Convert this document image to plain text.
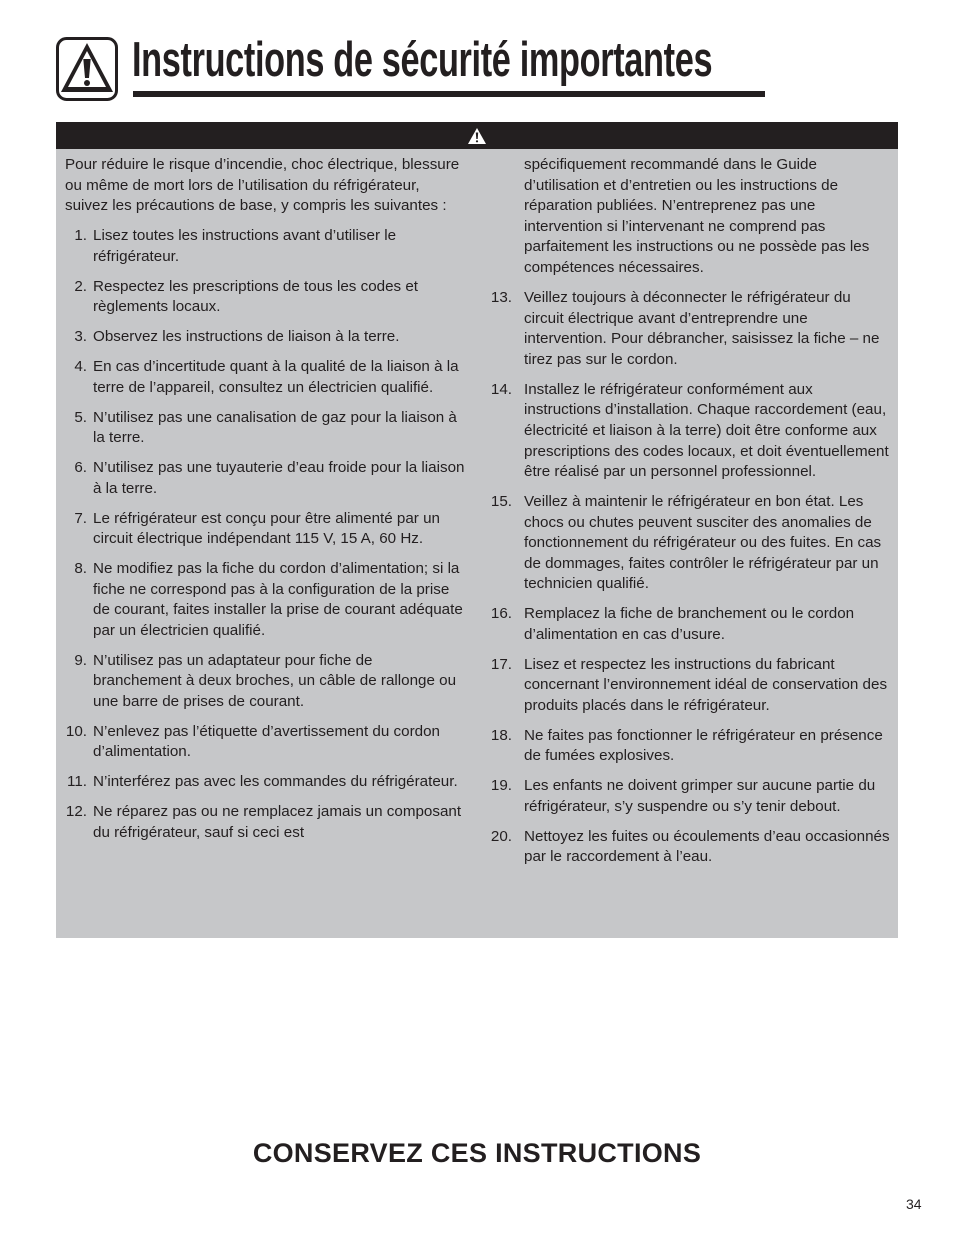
Instructions de sécurité importantes

Pour réduire le risque d’incendie, choc électrique, blessure ou même de mort lors de l’utilisation du réfrigérateur, suivez les précautions de base, y compris les suivantes :

1. Lisez toutes les instructions avant d’utiliser le réfrigérateur.
2. Respectez les prescriptions de tous les codes et règlements locaux.
3. Observez les instructions de liaison à la terre.
4. En cas d’incertitude quant à la qualité de la liaison à la terre de l’appareil, consultez un électricien qualifié.
5. N’utilisez pas une canalisation de gaz pour la liaison à la terre.
6. N’utilisez pas une tuyauterie d’eau froide pour la liaison à la terre.
7. Le réfrigérateur est conçu pour être alimenté par un circuit électrique indépendant 115 V, 15 A, 60 Hz.
8. Ne modifiez pas la fiche du cordon d’alimentation; si la fiche ne correspond pas à la configuration de la prise de courant, faites installer la prise de courant adéquate par un électricien qualifié.
9. N’utilisez pas un adaptateur pour fiche de branchement à deux broches, un câble de rallonge ou une barre de prises de courant.
10. N’enlevez pas l’étiquette d’avertissement du cordon d’alimentation.
11. N’interférez pas avec les commandes du réfrigérateur.
12. Ne réparez pas ou ne remplacez jamais un composant du réfrigérateur, sauf si ceci est

spécifiquement recommandé dans le Guide d’utilisation et d’entretien ou les instructions de réparation publiées. N’entreprenez pas une intervention si l’intervenant ne comprend pas parfaitement les instructions ou ne possède pas les compétences nécessaires.

13. Veillez toujours à déconnecter le réfrigérateur du circuit électrique avant d’entreprendre une intervention. Pour débrancher, saisissez la fiche – ne tirez pas sur le cordon.
14. Installez le réfrigérateur conformément aux instructions d’installation. Chaque raccordement (eau, électricité et liaison à la terre) doit être conforme aux prescriptions des codes locaux, et doit éventuellement être réalisé par un personnel professionnel.
15. Veillez à maintenir le réfrigérateur en bon état. Les chocs ou chutes peuvent susciter des anomalies de fonctionnement du réfrigérateur ou des fuites. En cas de dommages, faites contrôler le réfrigérateur par un technicien qualifié.
16. Remplacez la fiche de branchement ou le cordon d’alimentation en cas d’usure.
17. Lisez et respectez les instructions du fabricant concernant l’environnement idéal de conservation des produits placés dans le réfrigérateur.
18. Ne faites pas fonctionner le réfrigérateur en présence de fumées explosives.
19. Les enfants ne doivent grimper sur aucune partie du réfrigérateur, s’y suspendre ou s’y tenir debout.
20. Nettoyez les fuites ou écoulements d’eau occasionnés par le raccordement à l’eau.
CONSERVEZ CES INSTRUCTIONS
34
